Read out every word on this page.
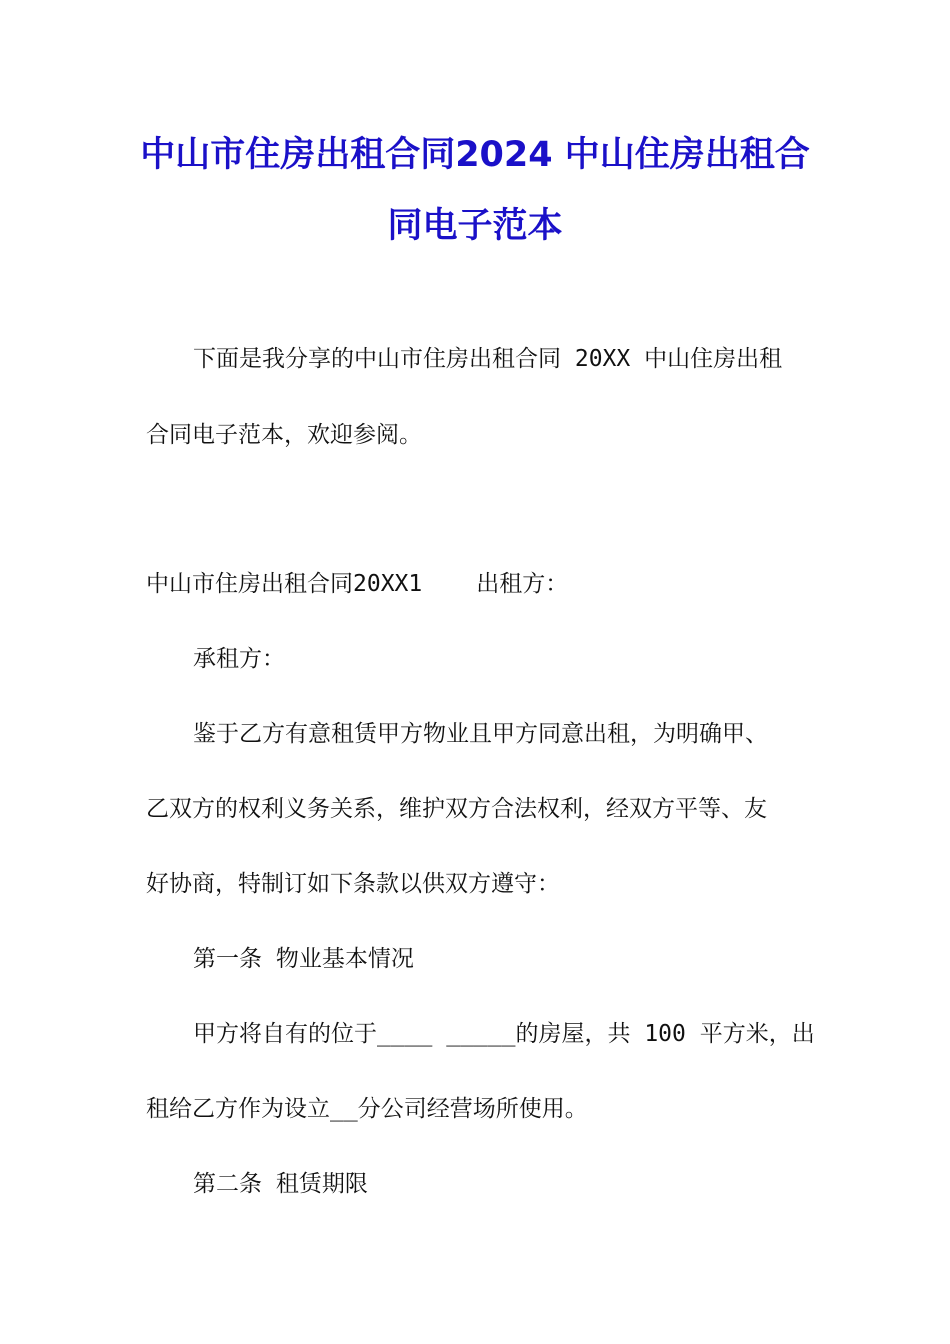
中山市住房出租合同2024 中山住房出租合
同电子范本

下面是我分享的中山市住房出租合同 20XX 中山住房出租

合同电子范本，欢迎参阅。

中山市住房出租合同20XX1 出租方：

承租方：

鉴于乙方有意租赁甲方物业且甲方同意出租，为明确甲、

乙双方的权利义务关系，维护双方合法权利，经双方平等、友

好协商，特制订如下条款以供双方遵守：

第一条 物业基本情况

甲方将自有的位于____ _____的房屋，共 100 平方米，出

租给乙方作为设立__分公司经营场所使用。

第二条 租赁期限
